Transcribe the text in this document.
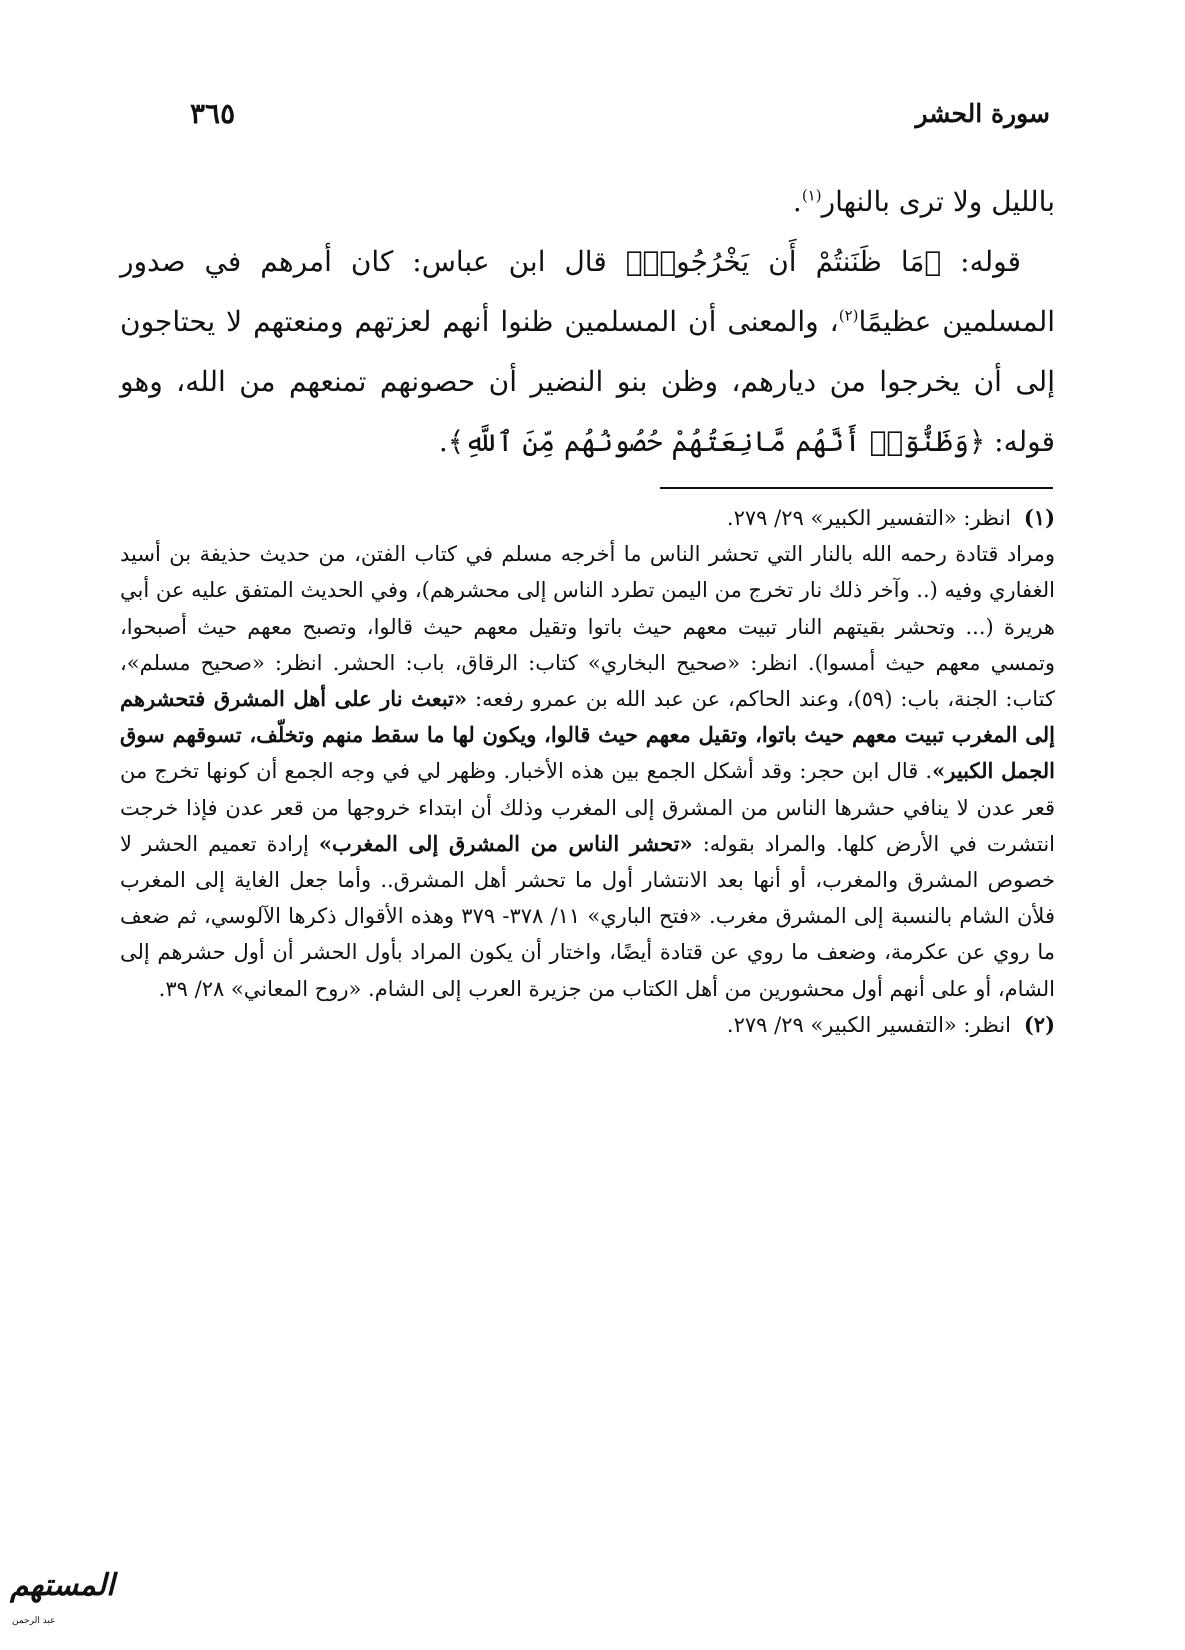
سورة الحشر
٣٦٥

بالليل ولا ترى بالنهار$^{(١)}$.

قوله: ﴿مَا ظَنَنتُمْ أَن يَخْرُجُوا۟﴾ قال ابن عباس: كان أمرهم في صدور المسلمين عظيمًا$^{(٢)}$، والمعنى أن المسلمين ظنوا أنهم لعزتهم ومنعتهم لا يحتاجون إلى أن يخرجوا من ديارهم، وظن بنو النضير أن حصونهم تمنعهم من الله، وهو قوله: ﴿وَظَنُّوٓا۟ أَنَّهُم مَّانِعَتُهُمْ حُصُونُهُم مِّنَ ٱللَّهِ﴾.

(١)انظر: «التفسير الكبير» ٢٩/ ٢٧٩.

ومراد قتادة رحمه الله بالنار التي تحشر الناس ما أخرجه مسلم في كتاب الفتن، من حديث حذيفة بن أسيد الغفاري وفيه (.. وآخر ذلك نار تخرج من اليمن تطرد الناس إلى محشرهم)، وفي الحديث المتفق عليه عن أبي هريرة (... وتحشر بقيتهم النار تبيت معهم حيث باتوا وتقيل معهم حيث قالوا، وتصبح معهم حيث أصبحوا، وتمسي معهم حيث أمسوا). انظر: «صحيح البخاري» كتاب: الرقاق، باب: الحشر. انظر: «صحيح مسلم»، كتاب: الجنة، باب: (٥٩)، وعند الحاكم، عن عبد الله بن عمرو رفعه: «تبعث نار على أهل المشرق فتحشرهم إلى المغرب تبيت معهم حيث باتوا، وتقيل معهم حيث قالوا، ويكون لها ما سقط منهم وتخلّف، تسوقهم سوق الجمل الكبير». قال ابن حجر: وقد أشكل الجمع بين هذه الأخبار. وظهر لي في وجه الجمع أن كونها تخرج من قعر عدن لا ينافي حشرها الناس من المشرق إلى المغرب وذلك أن ابتداء خروجها من قعر عدن فإذا خرجت انتشرت في الأرض كلها. والمراد بقوله: «تحشر الناس من المشرق إلى المغرب» إرادة تعميم الحشر لا خصوص المشرق والمغرب، أو أنها بعد الانتشار أول ما تحشر أهل المشرق.. وأما جعل الغاية إلى المغرب فلأن الشام بالنسبة إلى المشرق مغرب. «فتح الباري» ١١/ ٣٧٨- ٣٧٩ وهذه الأقوال ذكرها الآلوسي، ثم ضعف ما روي عن عكرمة، وضعف ما روي عن قتادة أيضًا، واختار أن يكون المراد بأول الحشر أن أول حشرهم إلى الشام، أو على أنهم أول محشورين من أهل الكتاب من جزيرة العرب إلى الشام. «روح المعاني» ٢٨/ ٣٩.

(٢)انظر: «التفسير الكبير» ٢٩/ ٢٧٩.

المستهم
عبد الرحمن
